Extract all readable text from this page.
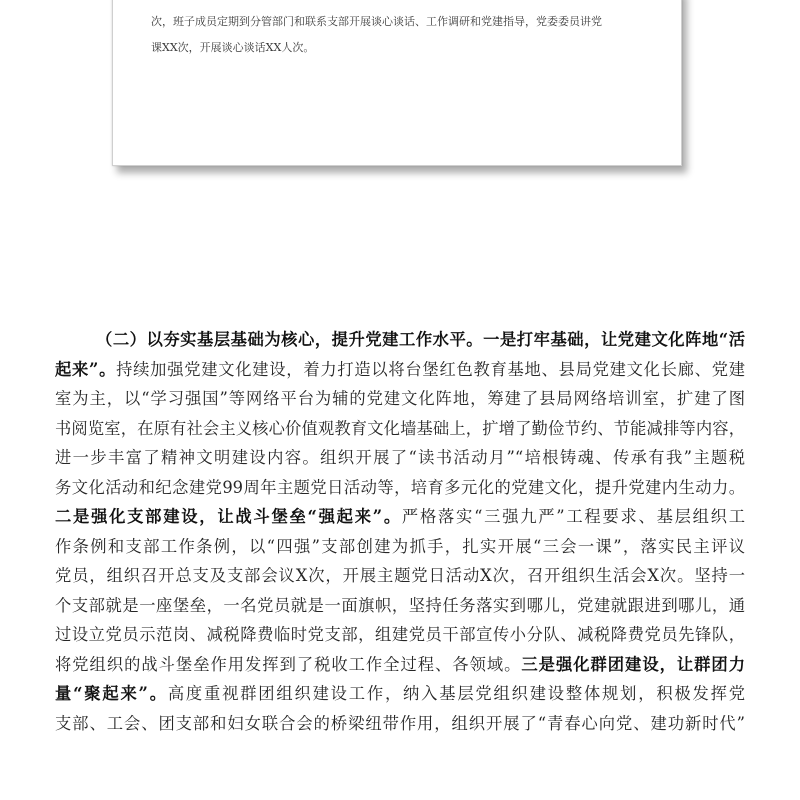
次，班子成员定期到分管部门和联系支部开展谈心谈话、工作调研和党建指导，党委委员讲党
课XX次，开展谈心谈话XX人次。
（二）以夯实基层基础为核心，提升党建工作水平。一是打牢基础，让党建文化阵地“活
起来”。持续加强党建文化建设，着力打造以将台堡红色教育基地、县局党建文化长廊、党建
室为主，以“学习强国”等网络平台为辅的党建文化阵地，筹建了县局网络培训室，扩建了图
书阅览室，在原有社会主义核心价值观教育文化墙基础上，扩增了勤俭节约、节能减排等内容，
进一步丰富了精神文明建设内容。组织开展了“读书活动月”“培根铸魂、传承有我”主题税
务文化活动和纪念建党99周年主题党日活动等，培育多元化的党建文化，提升党建内生动力。
二是强化支部建设，让战斗堡垒“强起来”。严格落实“三强九严”工程要求、基层组织工
作条例和支部工作条例，以“四强”支部创建为抓手，扎实开展“三会一课”，落实民主评议
党员，组织召开总支及支部会议X次，开展主题党日活动X次，召开组织生活会X次。坚持一
个支部就是一座堡垒，一名党员就是一面旗帜，坚持任务落实到哪儿，党建就跟进到哪儿，通
过设立党员示范岗、减税降费临时党支部，组建党员干部宣传小分队、减税降费党员先锋队，
将党组织的战斗堡垒作用发挥到了税收工作全过程、各领域。三是强化群团建设，让群团力
量“聚起来”。高度重视群团组织建设工作，纳入基层党组织建设整体规划，积极发挥党
支部、工会、团支部和妇女联合会的桥梁纽带作用，组织开展了“青春心向党、建功新时代”
